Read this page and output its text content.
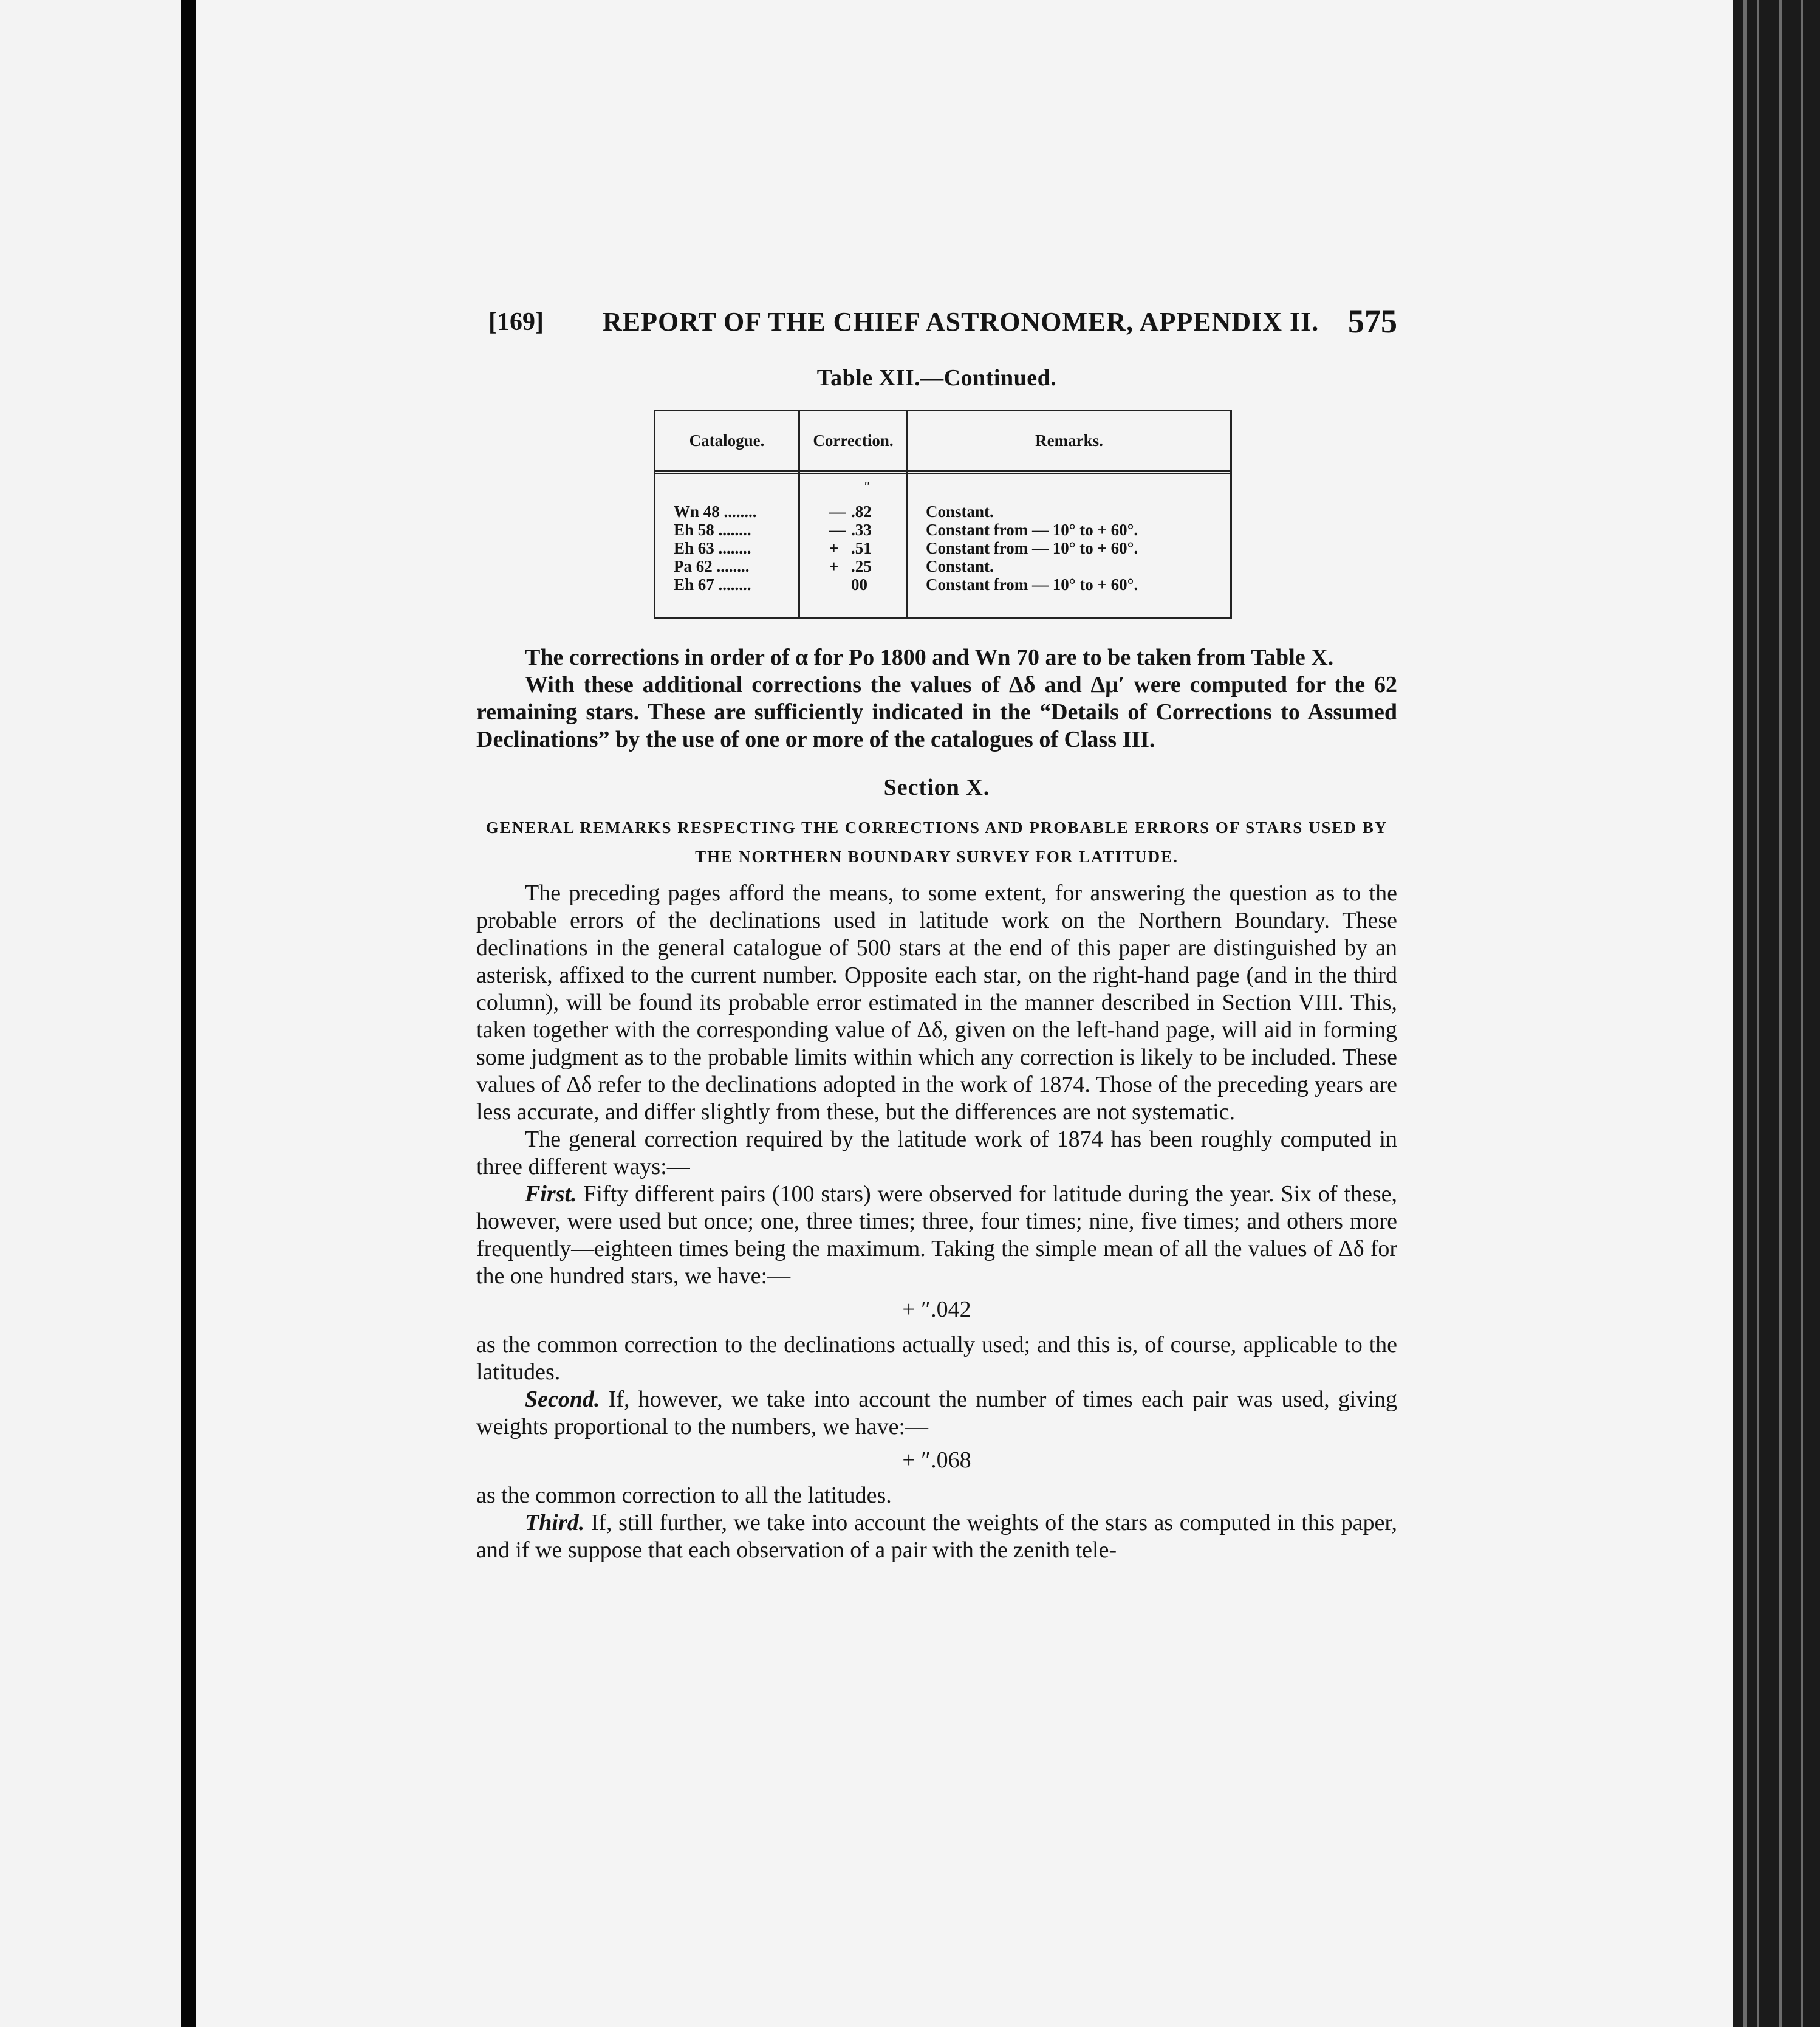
[169] REPORT OF THE CHIEF ASTRONOMER, APPENDIX II. 575
Table XII.—Continued.
Catalogue.	Correction.	Remarks.
"
Wn 48 ........	— .82	Constant.
Eh 58 ........	— .33	Constant from — 10° to + 60°.
Eh 63 ........	+ .51	Constant from — 10° to + 60°.
Pa 62 ........	+ .25	Constant.
Eh 67 ........	00	Constant from — 10° to + 60°.

The corrections in order of α for Po 1800 and Wn 70 are to be taken from Table X.

With these additional corrections the values of Δδ and Δμ′ were computed for the 62 remaining stars. These are sufficiently indicated in the “Details of Corrections to Assumed Declinations” by the use of one or more of the catalogues of Class III.

Section X.
GENERAL REMARKS RESPECTING THE CORRECTIONS AND PROBABLE ERRORS OF STARS USED BY THE NORTHERN BOUNDARY SURVEY FOR LATITUDE.

The preceding pages afford the means, to some extent, for answering the question as to the probable errors of the declinations used in latitude work on the Northern Boundary. These declinations in the general catalogue of 500 stars at the end of this paper are distinguished by an asterisk, affixed to the current number. Opposite each star, on the right-hand page (and in the third column), will be found its probable error estimated in the manner described in Section VIII. This, taken together with the corresponding value of Δδ, given on the left-hand page, will aid in forming some judgment as to the probable limits within which any correction is likely to be included. These values of Δδ refer to the declinations adopted in the work of 1874. Those of the preceding years are less accurate, and differ slightly from these, but the differences are not systematic.

The general correction required by the latitude work of 1874 has been roughly computed in three different ways:—

First. Fifty different pairs (100 stars) were observed for latitude during the year. Six of these, however, were used but once; one, three times; three, four times; nine, five times; and others more frequently—eighteen times being the maximum. Taking the simple mean of all the values of Δδ for the one hundred stars, we have:—

+ ″.042

as the common correction to the declinations actually used; and this is, of course, applicable to the latitudes.

Second. If, however, we take into account the number of times each pair was used, giving weights proportional to the numbers, we have:—

+ ″.068

as the common correction to all the latitudes.

Third. If, still further, we take into account the weights of the stars as computed in this paper, and if we suppose that each observation of a pair with the zenith tele-
